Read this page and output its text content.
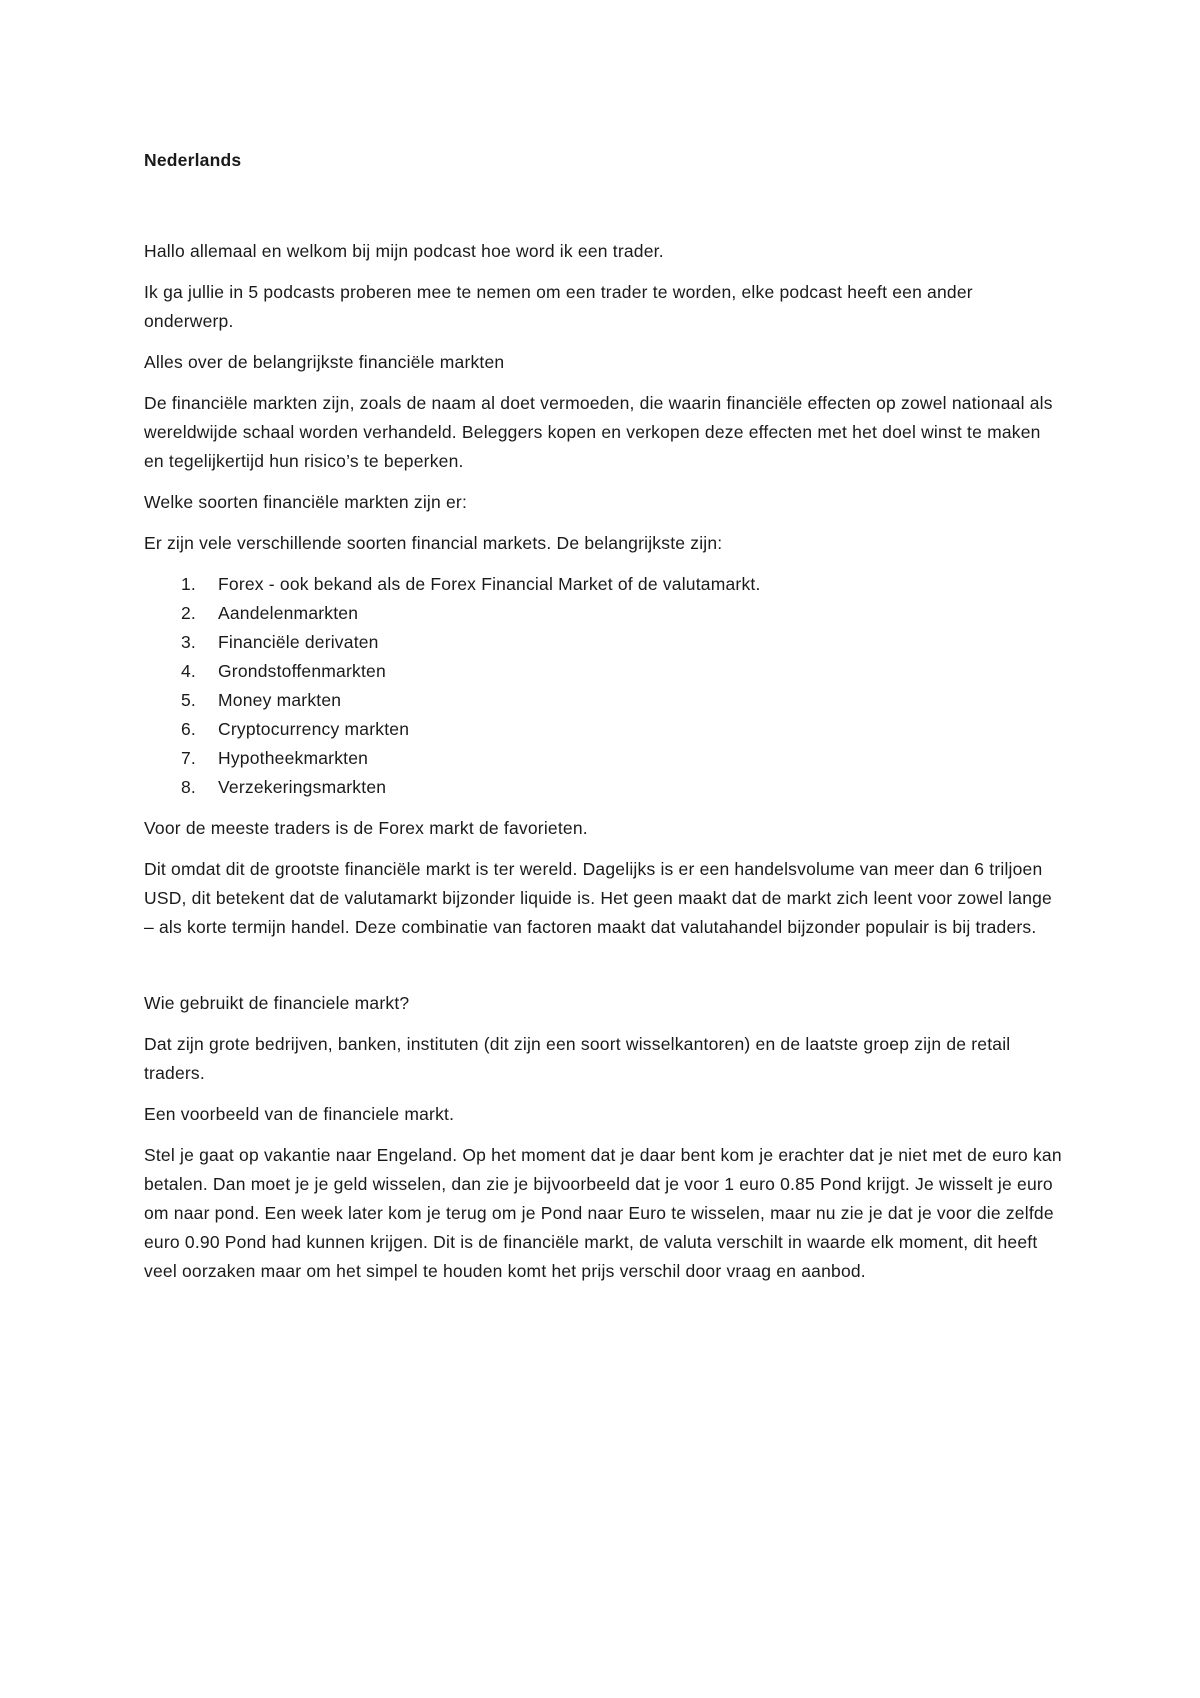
Nederlands

Hallo allemaal en welkom bij mijn podcast hoe word ik een trader.

Ik ga jullie in 5 podcasts proberen mee te nemen om een trader te worden, elke podcast heeft een ander onderwerp.

Alles over de belangrijkste financiële markten

De financiële markten zijn, zoals de naam al doet vermoeden, die waarin financiële effecten op zowel nationaal als wereldwijde schaal worden verhandeld. Beleggers kopen en verkopen deze effecten met het doel winst te maken en tegelijkertijd hun risico’s te beperken.

Welke soorten financiële markten zijn er:

Er zijn vele verschillende soorten financial markets. De belangrijkste zijn:

1. Forex - ook bekand als de Forex Financial Market of de valutamarkt.
2. Aandelenmarkten
3. Financiële derivaten
4. Grondstoffenmarkten
5. Money markten
6. Cryptocurrency markten
7. Hypotheekmarkten
8. Verzekeringsmarkten

Voor de meeste traders is de Forex markt de favorieten.

Dit omdat dit de grootste financiële markt is ter wereld. Dagelijks is er een handelsvolume van meer dan 6 triljoen USD, dit betekent dat de valutamarkt bijzonder liquide is. Het geen maakt dat de markt zich leent voor zowel lange – als korte termijn handel. Deze combinatie van factoren maakt dat valutahandel bijzonder populair is bij traders.

Wie gebruikt de financiele markt?

Dat zijn grote bedrijven, banken, instituten (dit zijn een soort wisselkantoren) en de laatste groep zijn de retail traders.

Een voorbeeld van de financiele markt.

Stel je gaat op vakantie naar Engeland. Op het moment dat je daar bent kom je erachter dat je niet met de euro kan betalen. Dan moet je je geld wisselen, dan zie je bijvoorbeeld dat je voor 1 euro 0.85 Pond krijgt. Je wisselt je euro om naar pond. Een week later kom je terug om je Pond naar Euro te wisselen, maar nu zie je dat je voor die zelfde euro 0.90 Pond had kunnen krijgen. Dit is de financiële markt, de valuta verschilt in waarde elk moment, dit heeft veel oorzaken maar om het simpel te houden komt het prijs verschil door vraag en aanbod.
